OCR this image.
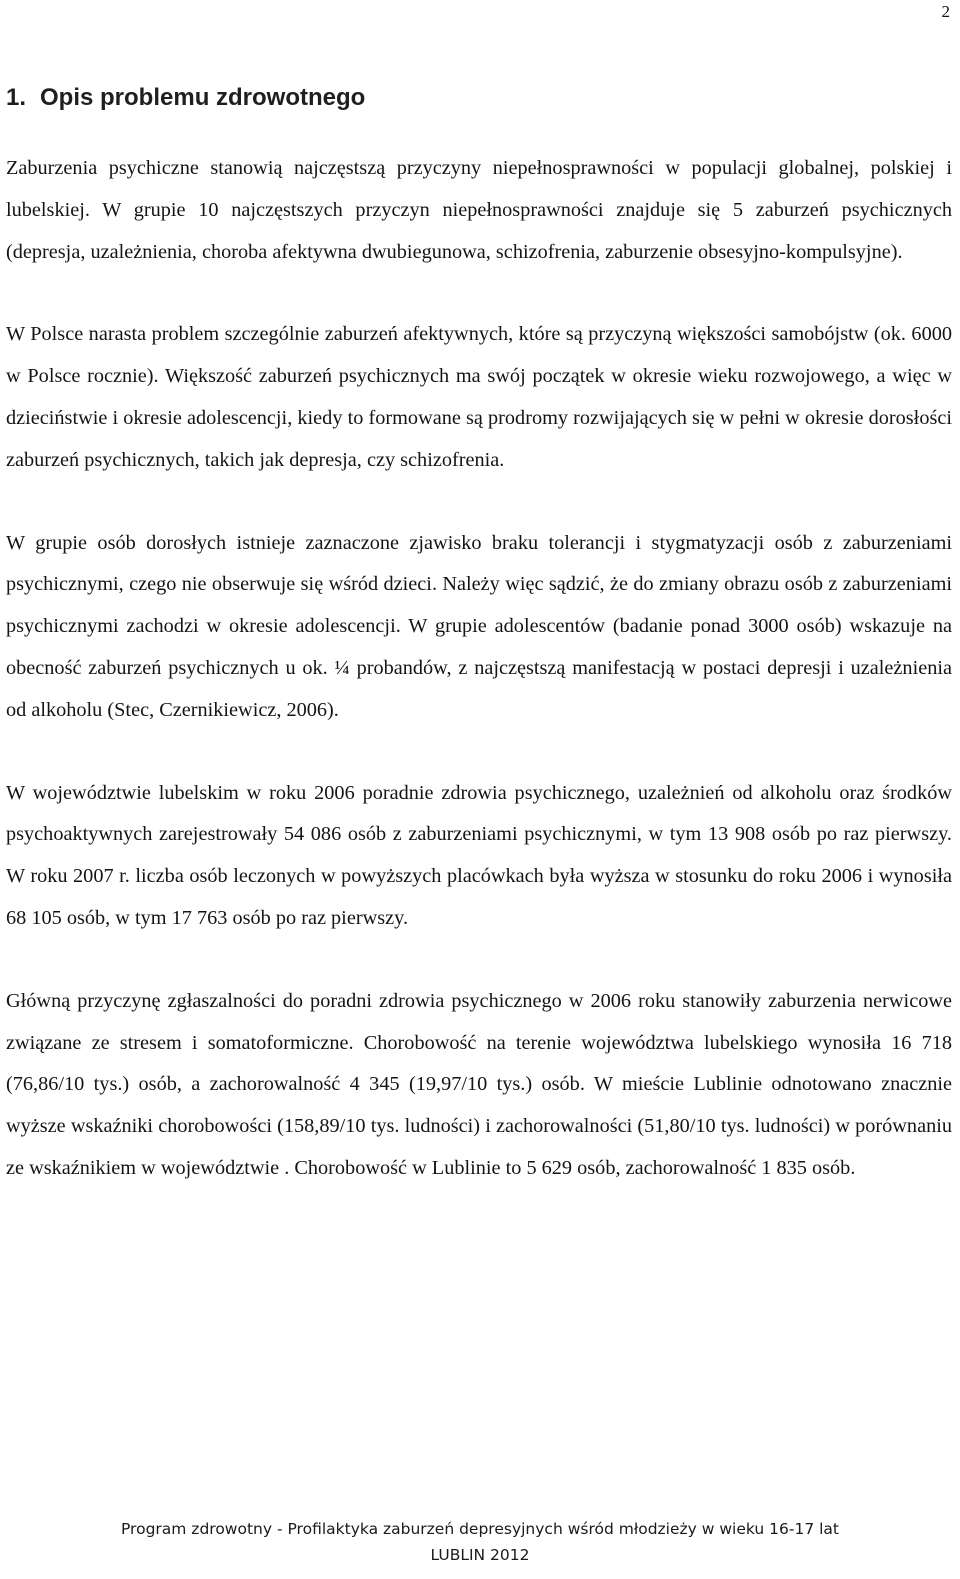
2
1. Opis problemu zdrowotnego

Zaburzenia psychiczne stanowią najczęstszą przyczyny niepełnosprawności w populacji globalnej, polskiej i lubelskiej. W grupie 10 najczęstszych przyczyn niepełnosprawności znajduje się 5 zaburzeń psychicznych (depresja, uzależnienia, choroba afektywna dwubiegunowa, schizofrenia, zaburzenie obsesyjno-kompulsyjne).

W Polsce narasta problem szczególnie zaburzeń afektywnych, które są przyczyną większości samobójstw (ok. 6000 w Polsce rocznie). Większość zaburzeń psychicznych ma swój początek w okresie wieku rozwojowego, a więc w dzieciństwie i okresie adolescencji, kiedy to formowane są prodromy rozwijających się w pełni w okresie dorosłości zaburzeń psychicznych, takich jak depresja, czy schizofrenia.

W grupie osób dorosłych istnieje zaznaczone zjawisko braku tolerancji i stygmatyzacji osób z zaburzeniami psychicznymi, czego nie obserwuje się wśród dzieci. Należy więc sądzić, że do zmiany obrazu osób z zaburzeniami psychicznymi zachodzi w okresie adolescencji. W grupie adolescentów (badanie ponad 3000 osób) wskazuje na obecność zaburzeń psychicznych u ok. ¼ probandów, z najczęstszą manifestacją w postaci depresji i uzależnienia od alkoholu (Stec, Czernikiewicz, 2006).

W województwie lubelskim w roku 2006 poradnie zdrowia psychicznego, uzależnień od alkoholu oraz środków psychoaktywnych zarejestrowały 54 086 osób z zaburzeniami psychicznymi, w tym 13 908 osób po raz pierwszy. W roku 2007 r. liczba osób leczonych w powyższych placówkach była wyższa w stosunku do roku 2006 i wynosiła 68 105 osób, w tym 17 763 osób po raz pierwszy.

Główną przyczynę zgłaszalności do poradni zdrowia psychicznego w 2006 roku stanowiły zaburzenia nerwicowe związane ze stresem i somatoformiczne. Chorobowość na terenie województwa lubelskiego wynosiła 16 718 (76,86/10 tys.) osób, a zachorowalność 4 345 (19,97/10 tys.) osób. W mieście Lublinie odnotowano znacznie wyższe wskaźniki chorobowości (158,89/10 tys. ludności) i zachorowalności (51,80/10 tys. ludności) w porównaniu ze wskaźnikiem w województwie . Chorobowość w Lublinie to 5 629 osób, zachorowalność 1 835 osób.

Program zdrowotny - Profilaktyka zaburzeń depresyjnych wśród młodzieży w wieku 16-17 lat
LUBLIN 2012
